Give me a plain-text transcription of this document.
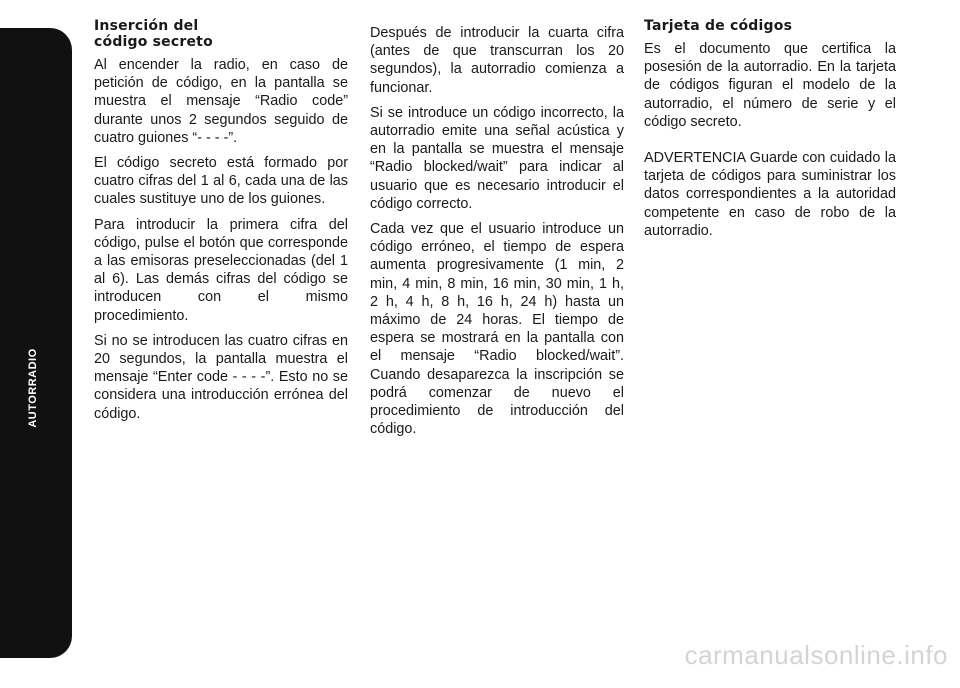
AUTORRADIO
268
Inserción del
código secreto

Al encender la radio, en caso de petición de código, en la pantalla se muestra el mensaje “Radio code” durante unos 2 segundos seguido de cuatro guiones “- - - -”.

El código secreto está formado por cuatro cifras del 1 al 6, cada una de las cuales sustituye uno de los guiones.

Para introducir la primera cifra del código, pulse el botón que corresponde a las emisoras preseleccionadas (del 1 al 6). Las demás cifras del código se introducen con el mismo procedimiento.

Si no se introducen las cuatro cifras en 20 segundos, la pantalla muestra el mensaje “Enter code - - - -”. Esto no se considera una introducción errónea del código.

Después de introducir la cuarta cifra (antes de que transcurran los 20 segundos), la autorradio comienza a funcionar.

Si se introduce un código incorrecto, la autorradio emite una señal acústica y en la pantalla se muestra el mensaje “Radio blocked/wait” para indicar al usuario que es necesario introducir el código correcto.

Cada vez que el usuario introduce un código erróneo, el tiempo de espera aumenta progresivamente (1 min, 2 min, 4 min, 8 min, 16 min, 30 min, 1 h, 2 h, 4 h, 8 h, 16 h, 24 h) hasta un máximo de 24 horas. El tiempo de espera se mostrará en la pantalla con el mensaje “Radio blocked/wait”. Cuando desaparezca la inscripción se podrá comenzar de nuevo el procedimiento de introducción del código.

Tarjeta de códigos

Es el documento que certifica la posesión de la autorradio. En la tarjeta de códigos figuran el modelo de la autorradio, el número de serie y el código secreto.

ADVERTENCIA Guarde con cuidado la tarjeta de códigos para suministrar los datos correspondientes a la autoridad competente en caso de robo de la autorradio.

carmanualsonline.info
